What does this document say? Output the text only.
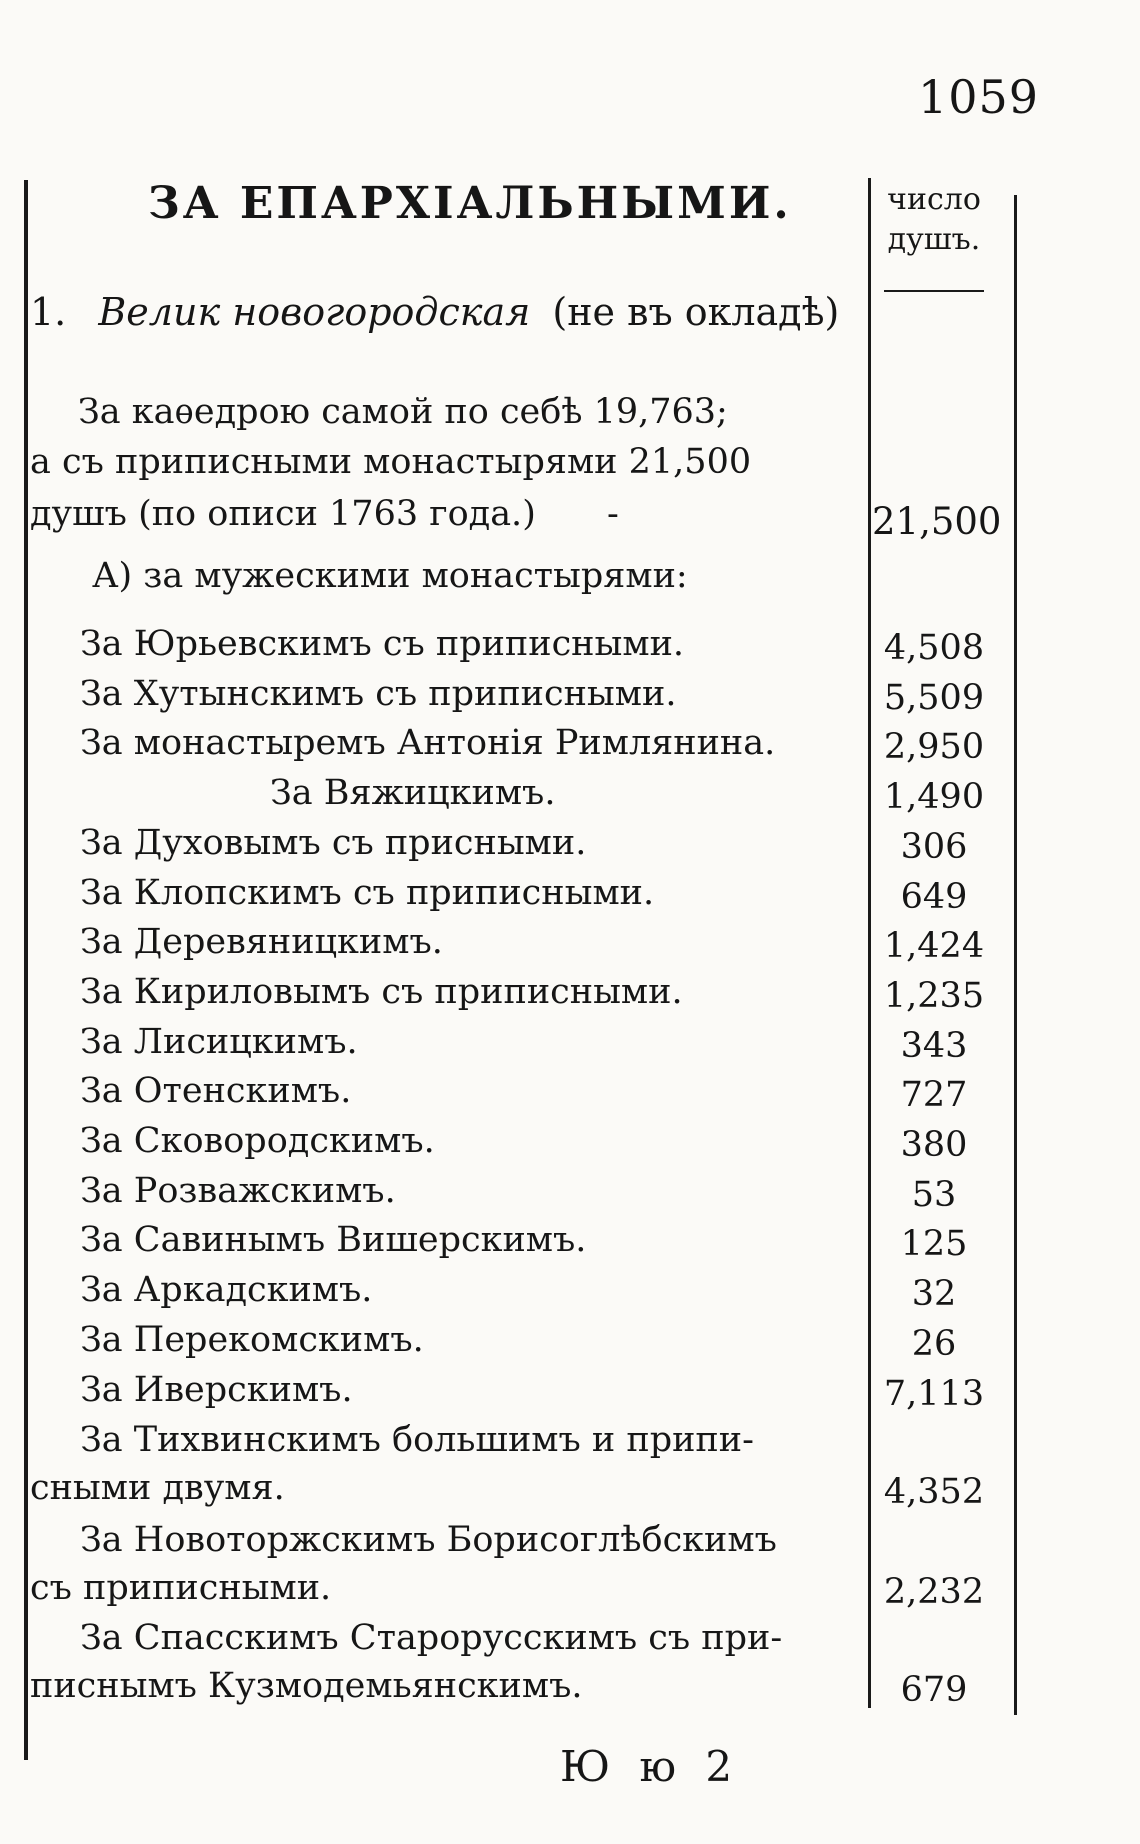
1059
ЗА ЕПАРХІАЛЬНЫМИ.	число
душъ.
1. Велик новогородская (не въ окладѣ)
За каѳедрою самой по себѣ 19,763;
а съ приписными монастырями 21,500
душъ (по описи 1763 года.) -	21,500
А) за мужескими монастырями:
За Юрьевскимъ съ приписными.	4,508
За Хутынскимъ съ приписными.	5,509
За монастыремъ Антонія Римлянина.	2,950
За Вяжицкимъ.	1,490
За Духовымъ съ присными.	306
За Клопскимъ съ приписными.	649
За Деревяницкимъ.	1,424
За Кириловымъ съ приписными.	1,235
За Лисицкимъ.	343
За Отенскимъ.	727
За Сковородскимъ.	380
За Розважскимъ.	53
За Савинымъ Вишерскимъ.	125
За Аркадскимъ.	32
За Перекомскимъ.	26
За Иверскимъ.	7,113
За Тихвинскимъ большимъ и припи-
сными двумя.	4,352
За Новоторжскимъ Борисоглѣбскимъ
съ приписными.	2,232
За Спасскимъ Старорусскимъ съ при-
писнымъ Кузмодемьянскимъ.	679
Ю ю 2
